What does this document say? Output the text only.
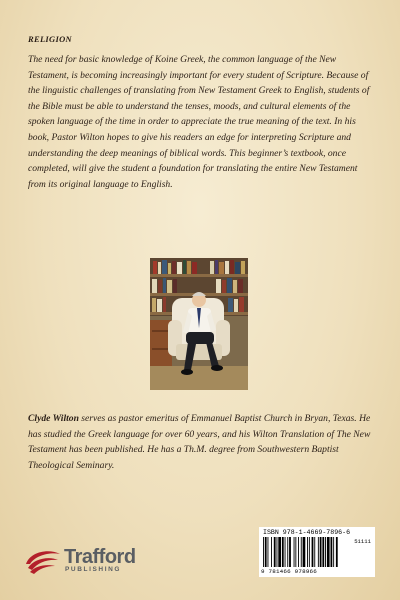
RELIGION

The need for basic knowledge of Koine Greek, the common language of the New Testament, is becoming increasingly important for every student of Scripture. Because of the linguistic challenges of translating from New Testament Greek to English, students of the Bible must be able to understand the tenses, moods, and cultural elements of the spoken language of the time in order to appreciate the true meaning of the text. In his book, Pastor Wilton hopes to give his readers an edge for interpreting Scripture and understanding the deep meanings of biblical words. This beginner’s textbook, once completed, will give the student a foundation for translating the entire New Testament from its original language to English.

Clyde Wilton serves as pastor emeritus of Emmanuel Baptist Church in Bryan, Texas. He has studied the Greek language for over 60 years, and his Wilton Translation of The New Testament has been published. He has a Th.M. degree from Southwestern Baptist Theological Seminary.

Trafford
PUBLISHING
ISBN 978-1-4669-7896-6
51111
9 781466 978966
